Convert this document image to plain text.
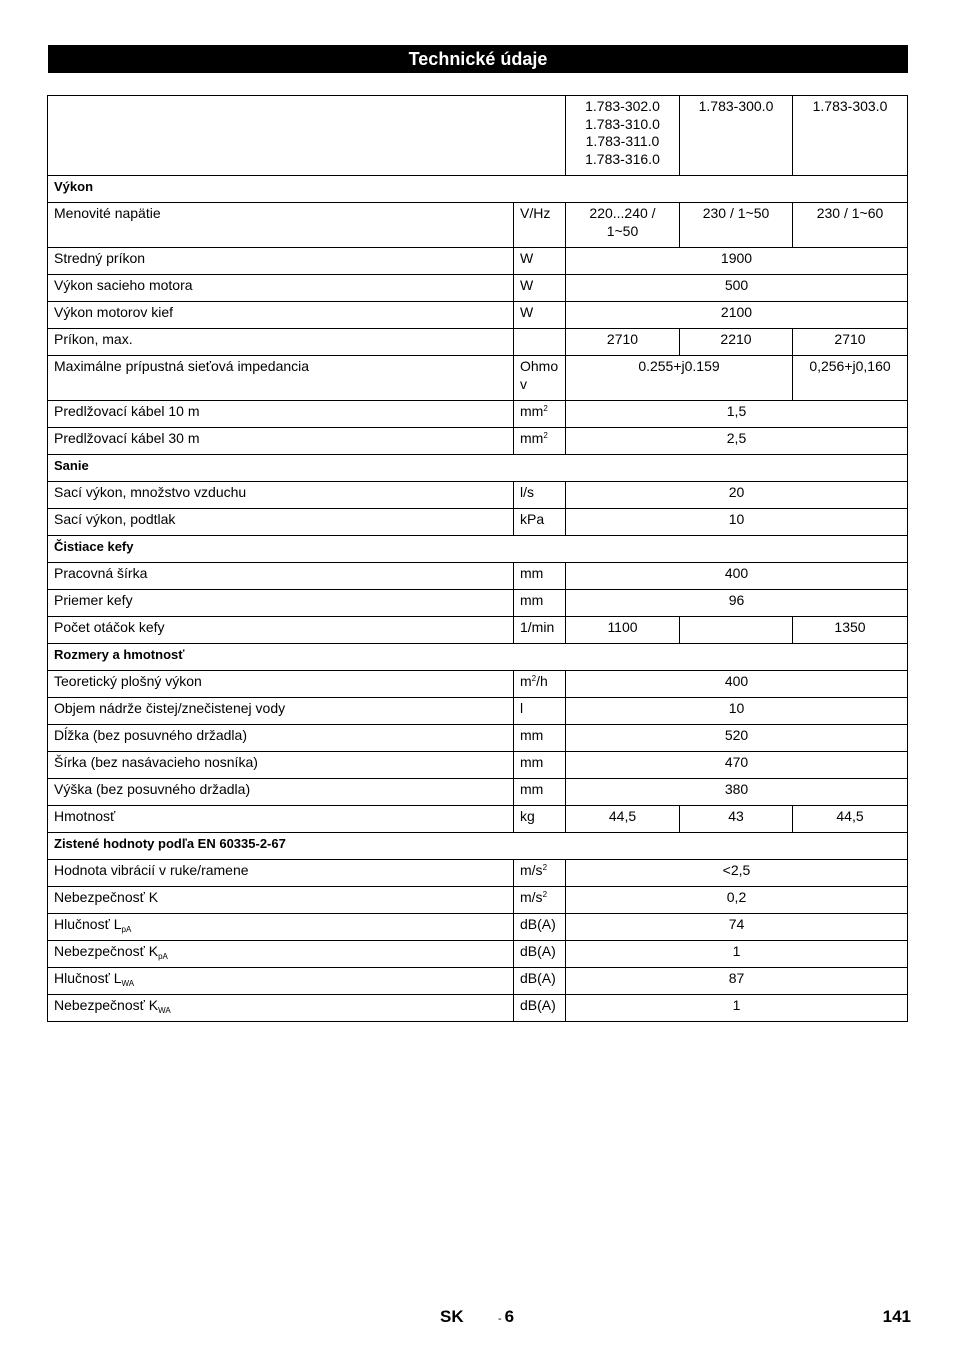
Technické údaje

		1.783-302.0
1.783-310.0
1.783-311.0
1.783-316.0	1.783-300.0	1.783-303.0
Výkon				
Menovité napätie	V/Hz	220...240 / 1~50	230 / 1~50	230 / 1~60
Stredný príkon	W	1900		
Výkon sacieho motora	W	500		
Výkon motorov kief	W	2100		
Príkon, max.		2710	2210	2710
Maximálne prípustná sieťová impedancia	Ohmo v	0.255+j0.159		0,256+j0,160
Predlžovací kábel 10 m	$mm^2$	1,5		
Predlžovací kábel 30 m	$mm^2$	2,5		
Sanie				
Sací výkon, množstvo vzduchu	l/s	20		
Sací výkon, podtlak	kPa	10		
Čistiace kefy				
Pracovná šírka	mm	400		
Priemer kefy	mm	96		
Počet otáčok kefy	1/min	1100		1350
Rozmery a hmotnosť				
Teoretický plošný výkon	$m^2/h$	400		
Objem nádrže čistej/znečistenej vody	l	10		
Dĺžka (bez posuvného držadla)	mm	520		
Šírka (bez nasávacieho nosníka)	mm	470		
Výška (bez posuvného držadla)	mm	380		
Hmotnosť	kg	44,5	43	44,5
Zistené hodnoty podľa EN 60335-2-67				
Hodnota vibrácií v ruke/ramene	$m/s^2$	<2,5		
Nebezpečnosť K	$m/s^2$	0,2		
Hlučnosť $L_{pA}$	dB(A)	74		
Nebezpečnosť $K_{pA}$	dB(A)	1		
Hlučnosť $L_{WA}$	dB(A)	87		
Nebezpečnosť $K_{WA}$	dB(A)	1		
SK	- 6	141
